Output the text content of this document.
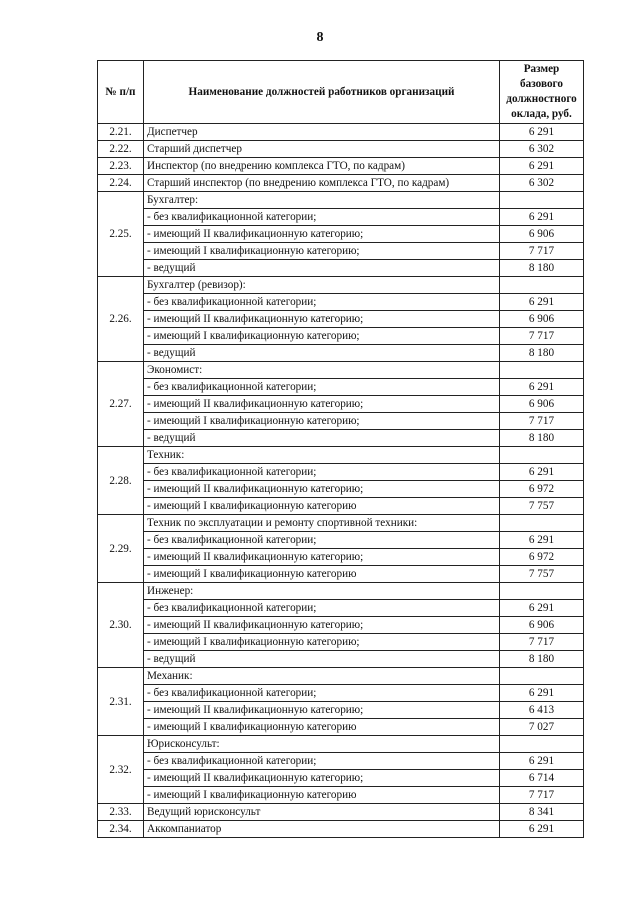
8
№ п/п	Наименование должностей работников организаций	Размер
базового
должностного
оклада, руб.

2.21.	Диспетчер	6 291
2.22.	Старший диспетчер	6 302
2.23.	Инспектор (по внедрению комплекса ГТО, по кадрам)	6 291
2.24.	Старший инспектор (по внедрению комплекса ГТО, по кадрам)	6 302
2.25.	Бухгалтер:	
	- без квалификационной категории;	6 291
	- имеющий II квалификационную категорию;	6 906
	- имеющий I квалификационную категорию;	7 717
	- ведущий	8 180
2.26.	Бухгалтер (ревизор):	
	- без квалификационной категории;	6 291
	- имеющий II квалификационную категорию;	6 906
	- имеющий I квалификационную категорию;	7 717
	- ведущий	8 180
2.27.	Экономист:	
	- без квалификационной категории;	6 291
	- имеющий II квалификационную категорию;	6 906
	- имеющий I квалификационную категорию;	7 717
	- ведущий	8 180
2.28.	Техник:	
	- без квалификационной категории;	6 291
	- имеющий II квалификационную категорию;	6 972
	- имеющий I квалификационную категорию	7 757
2.29.	Техник по эксплуатации и ремонту спортивной техники:	
	- без квалификационной категории;	6 291
	- имеющий II квалификационную категорию;	6 972
	- имеющий I квалификационную категорию	7 757
2.30.	Инженер:	
	- без квалификационной категории;	6 291
	- имеющий II квалификационную категорию;	6 906
	- имеющий I квалификационную категорию;	7 717
	- ведущий	8 180
2.31.	Механик:	
	- без квалификационной категории;	6 291
	- имеющий II квалификационную категорию;	6 413
	- имеющий I квалификационную категорию	7 027
2.32.	Юрисконсульт:	
	- без квалификационной категории;	6 291
	- имеющий II квалификационную категорию;	6 714
	- имеющий I квалификационную категорию	7 717
2.33.	Ведущий юрисконсульт	8 341
2.34.	Аккомпаниатор	6 291
